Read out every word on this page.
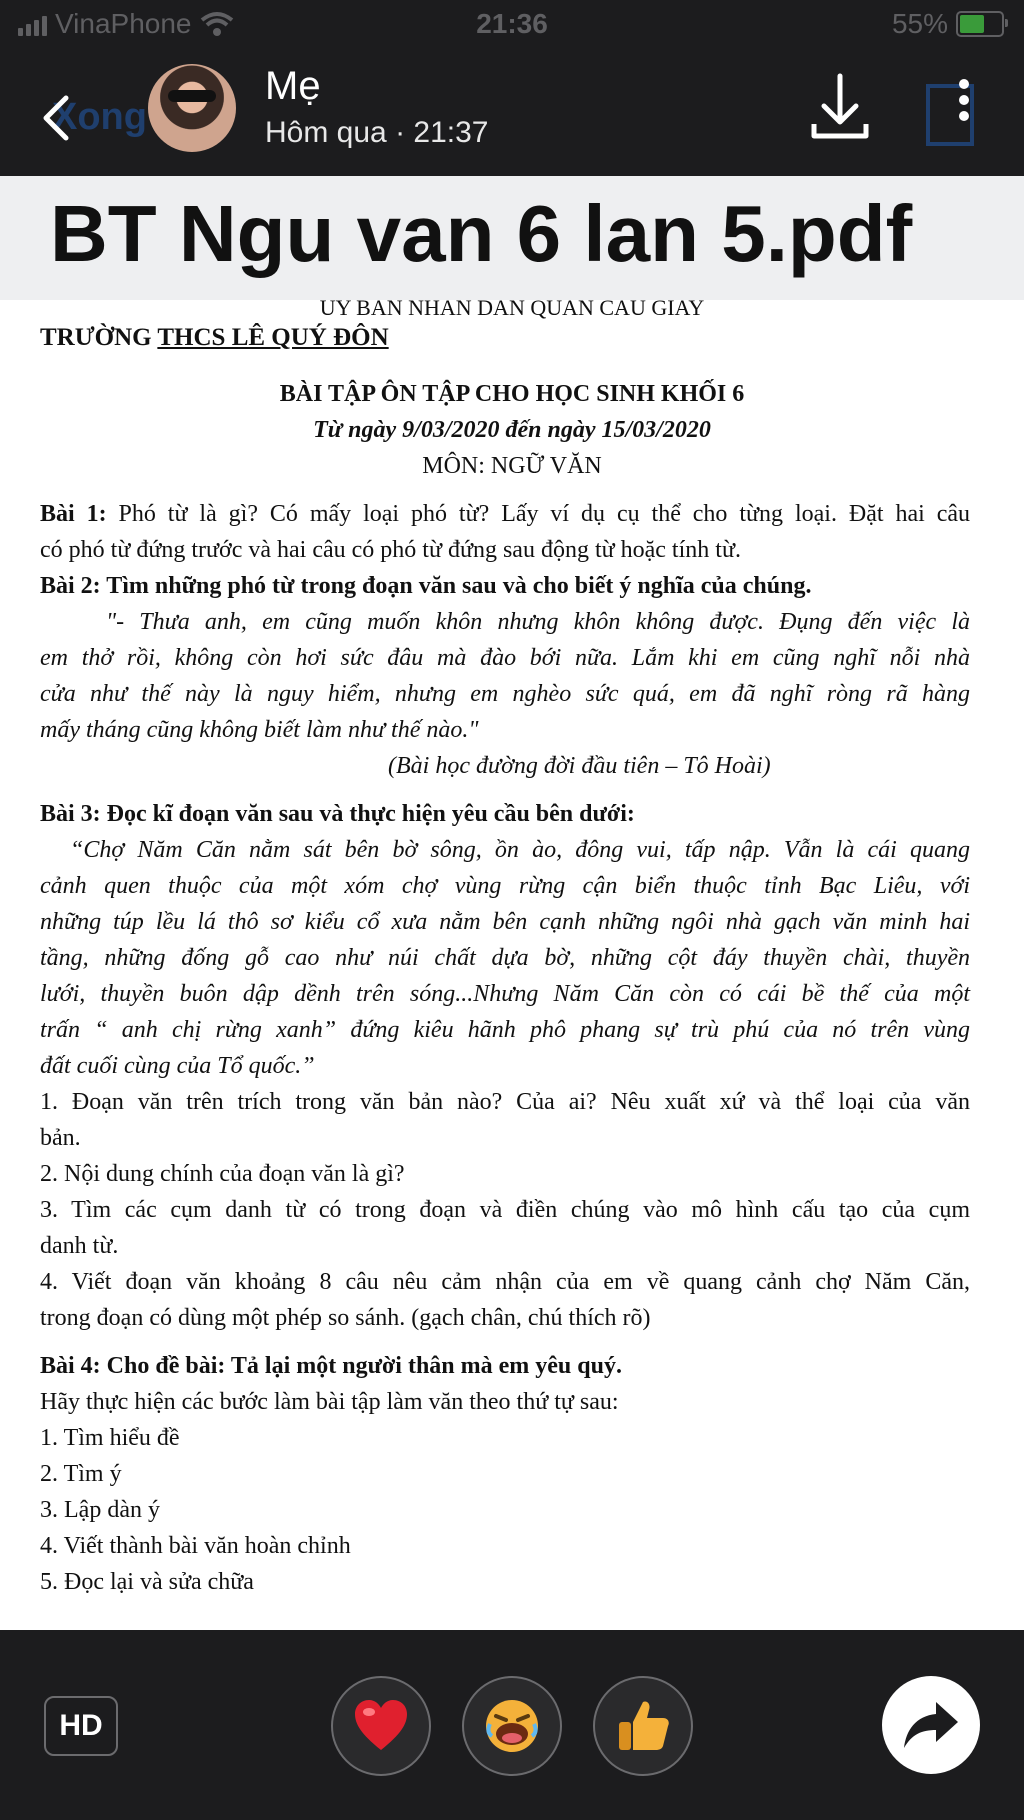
VinaPhone	21:36	55%
Xong
Mẹ
Hôm qua · 21:37
BT Ngu van 6 lan 5.pdf

UY BAN NHAN DAN QUAN CAU GIAY

TRƯỜNG THCS LÊ QUÝ ĐÔN

BÀI TẬP ÔN TẬP CHO HỌC SINH KHỐI 6

Từ ngày 9/03/2020 đến ngày 15/03/2020

MÔN: NGỮ VĂN

Bài 1: Phó từ là gì? Có mấy loại phó từ? Lấy ví dụ cụ thể cho từng loại. Đặt hai câu

có phó từ đứng trước và hai câu có phó từ đứng sau động từ hoặc tính từ.

Bài 2: Tìm những phó từ trong đoạn văn sau và cho biết ý nghĩa của chúng.

"- Thưa anh, em cũng muốn khôn nhưng khôn không được. Đụng đến việc là

em thở rồi, không còn hơi sức đâu mà đào bới nữa. Lắm khi em cũng nghĩ nỗi nhà

cửa như thế này là nguy hiểm, nhưng em nghèo sức quá, em đã nghĩ ròng rã hàng

mấy tháng cũng không biết làm như thế nào."

(Bài học đường đời đầu tiên – Tô Hoài)

Bài 3: Đọc kĩ đoạn văn sau và thực hiện yêu cầu bên dưới:

“Chợ Năm Căn nằm sát bên bờ sông, ồn ào, đông vui, tấp nập. Vẫn là cái quang

cảnh quen thuộc của một xóm chợ vùng rừng cận biển thuộc tỉnh Bạc Liêu, với

những túp lều lá thô sơ kiểu cổ xưa nằm bên cạnh những ngôi nhà gạch văn minh hai

tầng, những đống gỗ cao như núi chất dựa bờ, những cột đáy thuyền chài, thuyền

lưới, thuyền buôn dập dềnh trên sóng...Nhưng Năm Căn còn có cái bề thế của một

trấn “ anh chị rừng xanh” đứng kiêu hãnh phô phang sự trù phú của nó trên vùng

đất cuối cùng của Tổ quốc.”

1. Đoạn văn trên trích trong văn bản nào? Của ai? Nêu xuất xứ và thể loại của văn

bản.

2. Nội dung chính của đoạn văn là gì?

3. Tìm các cụm danh từ có trong đoạn và điền chúng vào mô hình cấu tạo của cụm

danh từ.

4. Viết đoạn văn khoảng 8 câu nêu cảm nhận của em về quang cảnh chợ Năm Căn,

trong đoạn có dùng một phép so sánh. (gạch chân, chú thích rõ)

Bài 4: Cho đề bài: Tả lại một người thân mà em yêu quý.

Hãy thực hiện các bước làm bài tập làm văn theo thứ tự sau:

1. Tìm hiểu đề

2. Tìm ý

3. Lập dàn ý

4. Viết thành bài văn hoàn chỉnh

5. Đọc lại và sửa chữa

HD
